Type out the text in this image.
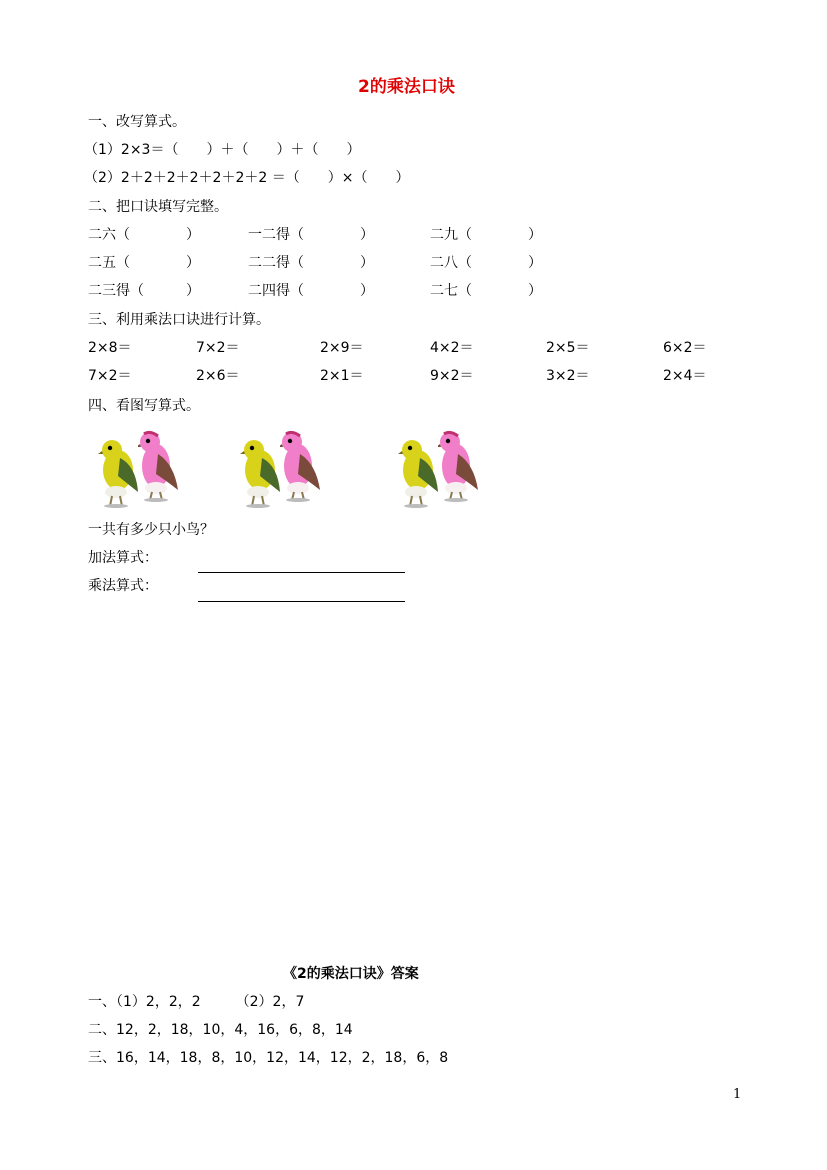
2的乘法口诀
一、改写算式。
（1）2×3＝（　　）＋（　　）＋（　　）
（2）2＋2＋2＋2＋2＋2＋2 ＝（　　）×（　　）
二、把口诀填写完整。
二六（　　　　）	一二得（　　　　）	二九（　　　　）
二五（　　　　）	二二得（　　　　）	二八（　　　　）
二三得（　　　）	二四得（　　　　）	二七（　　　　）
三、利用乘法口诀进行计算。
2×8＝	7×2＝	2×9＝	4×2＝	2×5＝	6×2＝
7×2＝	2×6＝	2×1＝	9×2＝	3×2＝	2×4＝
四、看图写算式。
一共有多少只小鸟？
加法算式：
乘法算式：
《2的乘法口诀》答案
一、（1）2，2，2　　　（2）2，7
二、12，2，18，10，4，16，6，8，14
三、16，14，18，8，10，12，14，12，2，18，6，8
1
